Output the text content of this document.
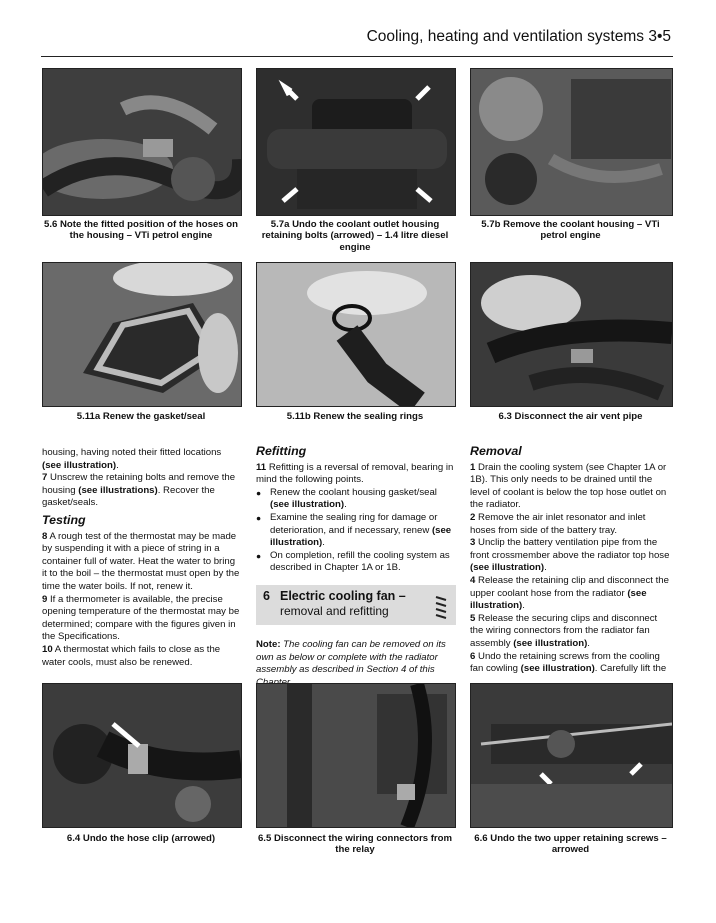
Cooling, heating and ventilation systems 3•5
5.6 Note the fitted position of the hoses on the housing – VTi petrol engine
5.7a Undo the coolant outlet housing retaining bolts (arrowed) – 1.4 litre diesel engine
5.7b Remove the coolant housing – VTi petrol engine
5.11a Renew the gasket/seal	5.11b Renew the sealing rings	6.3 Disconnect the air vent pipe

housing, having noted their fitted locations (see illustration).

7 Unscrew the retaining bolts and remove the housing (see illustrations). Recover the gasket/seals.

Testing

8 A rough test of the thermostat may be made by suspending it with a piece of string in a container full of water. Heat the water to bring it to the boil – the thermostat must open by the time the water boils. If not, renew it.

9 If a thermometer is available, the precise opening temperature of the thermostat may be determined; compare with the figures given in the Specifications.

10 A thermostat which fails to close as the water cools, must also be renewed.

Refitting

11 Refitting is a reversal of removal, bearing in mind the following points.

● Renew the coolant housing gasket/seal (see illustration).

● Examine the sealing ring for damage or deterioration, and if necessary, renew (see illustration).

● On completion, refill the cooling system as described in Chapter 1A or 1B.

6 Electric cooling fan –
removal and refitting

Note: The cooling fan can be removed on its own as below or complete with the radiator assembly as described in Section 4 of this

Removal

1 Drain the cooling system (see Chapter 1A or 1B). This only needs to be drained until the level of coolant is below the top hose outlet on the radiator.

2 Remove the air inlet resonator and inlet hoses from side of the battery tray.

3 Unclip the battery ventilation pipe from the front crossmember above the radiator top hose (see illustration).

4 Release the retaining clip and disconnect the upper coolant hose from the radiator (see illustration).

5 Release the securing clips and disconnect the wiring connectors from the radiator fan assembly (see illustration).

6 Undo the retaining screws from the cooling fan cowling (see illustration). Carefully lift the

6.4 Undo the hose clip (arrowed)	6.5 Disconnect the wiring connectors from the relay
6.6 Undo the two upper retaining screws – arrowed
